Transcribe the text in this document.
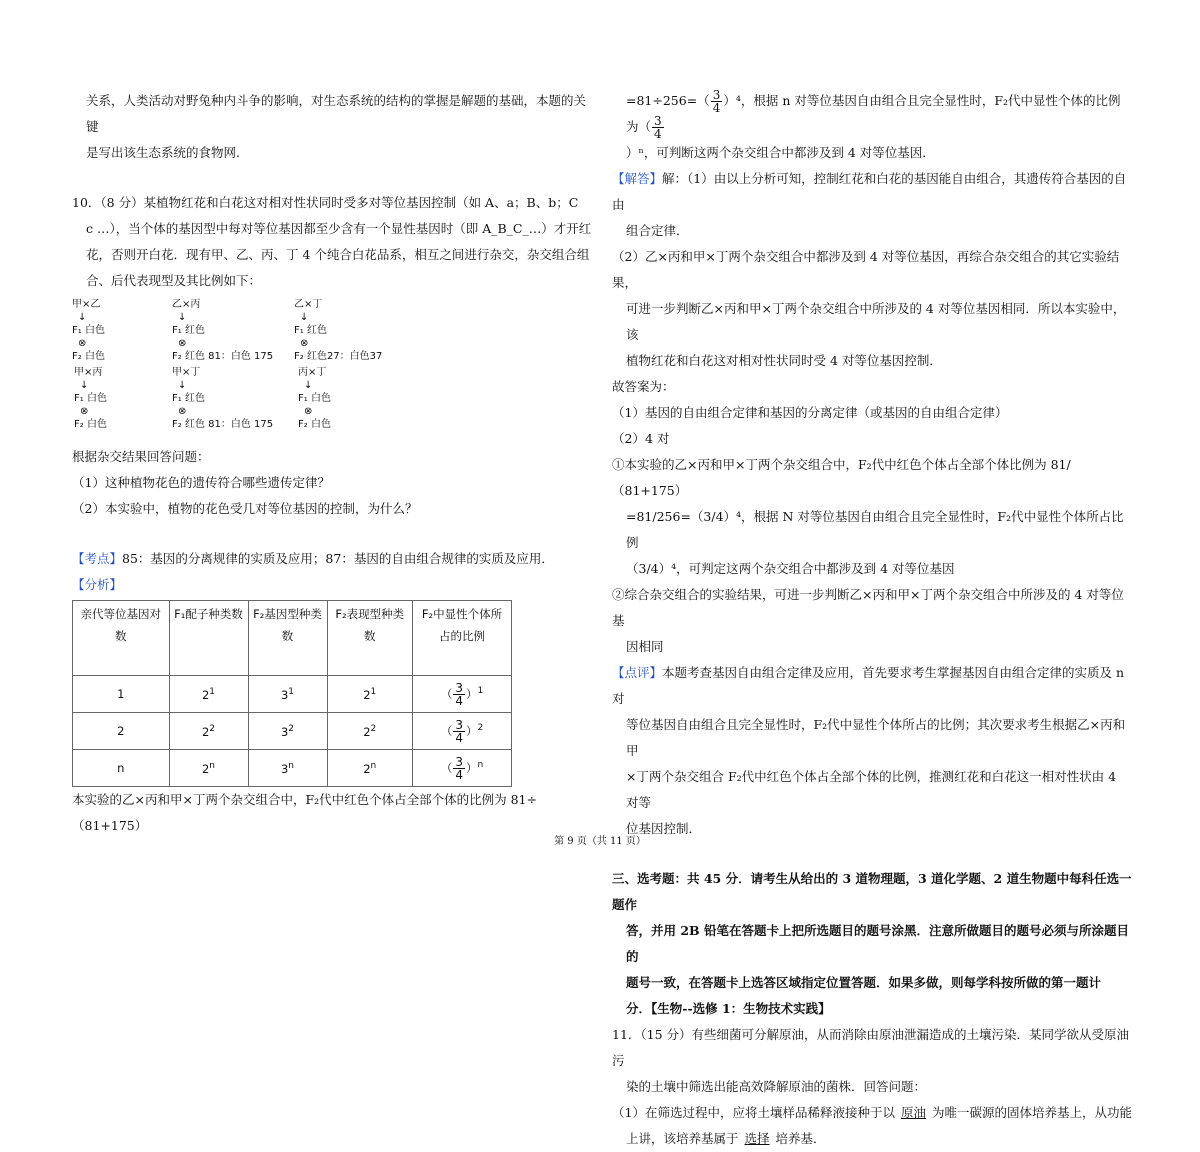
关系，人类活动对野兔种内斗争的影响，对生态系统的结构的掌握是解题的基础，本题的关键

是写出该生态系统的食物网.

10．（8 分）某植物红花和白花这对相对性状同时受多对等位基因控制（如 A、a；B、b；C

c …），当个体的基因型中每对等位基因都至少含有一个显性基因时（即 A_B_C_…）才开红

花，否则开白花．现有甲、乙、丙、丁 4 个纯合白花品系，相互之间进行杂交，杂交组合组

合、后代表现型及其比例如下：

甲×乙
↓
F₁ 白色
⊗
F₂ 白色
乙×丙
↓
F₁ 红色
⊗
F₂ 红色 81：白色 175
乙×丁
↓
F₁ 红色
⊗
F₂ 红色27：白色37
甲×丙
↓
F₁ 白色
⊗
F₂ 白色
甲×丁
↓
F₁ 红色
⊗
F₂ 红色 81：白色 175
丙×丁
↓
F₁ 白色
⊗
F₂ 白色

根据杂交结果回答问题：

（1）这种植物花色的遗传符合哪些遗传定律？

（2）本实验中，植物的花色受几对等位基因的控制，为什么？

【考点】85：基因的分离规律的实质及应用；87：基因的自由组合规律的实质及应用．

【分析】

亲代等位基因对数	F₁配子种类数	F₂基因型种类数	F₂表现型种类数	F₂中显性个体所占的比例
1	$2^1$	$3^1$	$2^1$	（ $\frac{3}{4} )^1$
2	$2^2$	$3^2$	$2^2$	（ $\frac{3}{4} )^2$
n	2$^n$	3$^n$	2$^n$	（ $\frac{3}{4} )^n$

本实验的乙×丙和甲×丁两个杂交组合中，F₂代中红色个体占全部个体的比例为 81÷（81+175）

$=81\div 256=( \frac{3}{4} )^4$，根据 n 对等位基因自由组合且完全显性时，F₂代中显性个体的比例为（ $\frac{3}{4}$

）ⁿ，可判断这两个杂交组合中都涉及到 4 对等位基因．

【解答】解：（1）由以上分析可知，控制红花和白花的基因能自由组合，其遗传符合基因的自由

组合定律．

（2）乙×丙和甲×丁两个杂交组合中都涉及到 4 对等位基因，再综合杂交组合的其它实验结果，

可进一步判断乙×丙和甲×丁两个杂交组合中所涉及的 4 对等位基因相同．所以本实验中，该

植物红花和白花这对相对性状同时受 4 对等位基因控制．

故答案为：

（1）基因的自由组合定律和基因的分离定律（或基因的自由组合定律）

（2）4 对

①本实验的乙×丙和甲×丁两个杂交组合中，F₂代中红色个体占全部个体比例为 81/（81+175）

=81/256=（3/4）⁴，根据 N 对等位基因自由组合且完全显性时，F₂代中显性个体所占比例

（3/4）⁴，可判定这两个杂交组合中都涉及到 4 对等位基因

②综合杂交组合的实验结果，可进一步判断乙×丙和甲×丁两个杂交组合中所涉及的 4 对等位基

因相同

【点评】本题考查基因自由组合定律及应用，首先要求考生掌握基因自由组合定律的实质及 n 对

等位基因自由组合且完全显性时，F₂代中显性个体所占的比例；其次要求考生根据乙×丙和甲

×丁两个杂交组合 F₂代中红色个体占全部个体的比例，推测红花和白花这一相对性状由 4 对等

位基因控制．

三、选考题：共 45 分．请考生从给出的 3 道物理题，3 道化学题、2 道生物题中每科任选一题作

答，并用 2B 铅笔在答题卡上把所选题目的题号涂黑．注意所做题目的题号必须与所涂题目的

题号一致，在答题卡上选答区域指定位置答题．如果多做，则每学科按所做的第一题计

分．【生物--选修 1：生物技术实践】

11．（15 分）有些细菌可分解原油，从而消除由原油泄漏造成的土壤污染．某同学欲从受原油污

染的土壤中筛选出能高效降解原油的菌株．回答问题：

（1）在筛选过程中，应将土壤样品稀释液接种于以 原油 为唯一碳源的固体培养基上，从功能

上讲，该培养基属于 选择 培养基．

第 9 页（共 11 页）
